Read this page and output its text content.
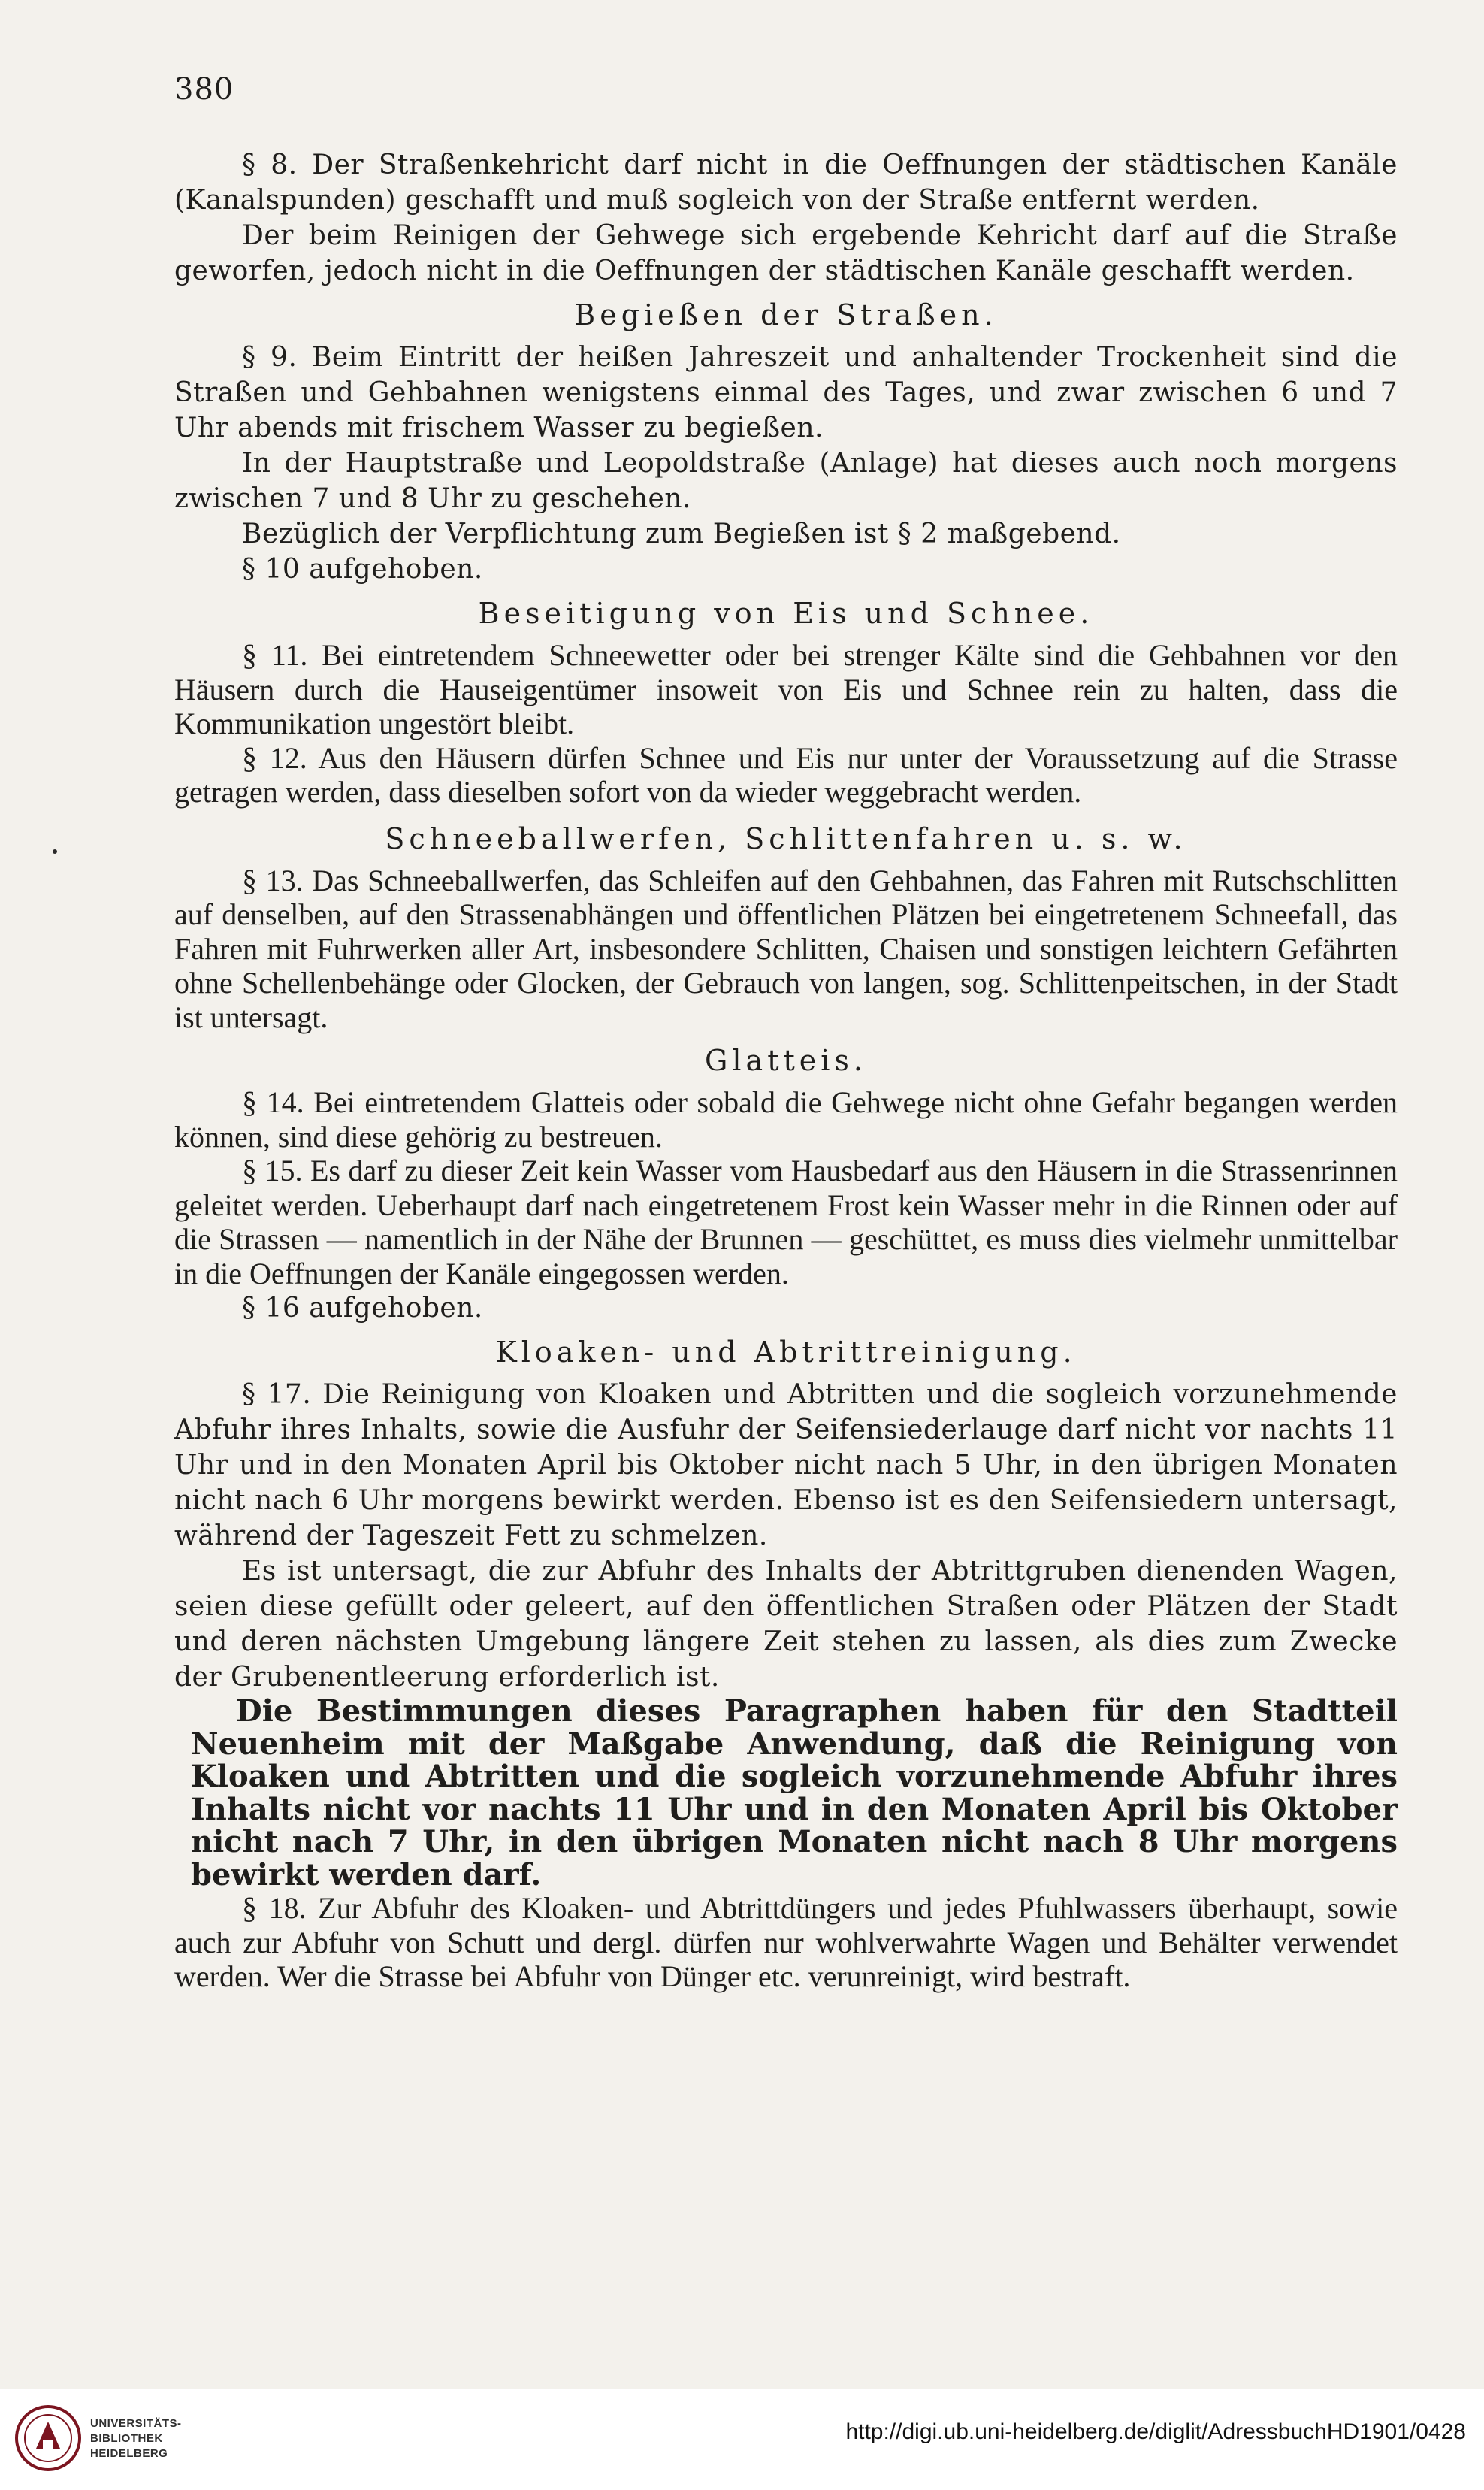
380

§ 8. Der Straßenkehricht darf nicht in die Oeffnungen der städtischen Kanäle (Kanalspunden) geschafft und muß sogleich von der Straße entfernt werden.

Der beim Reinigen der Gehwege sich ergebende Kehricht darf auf die Straße geworfen, jedoch nicht in die Oeffnungen der städtischen Kanäle geschafft werden.

Begießen der Straßen.

§ 9. Beim Eintritt der heißen Jahreszeit und anhaltender Trockenheit sind die Straßen und Gehbahnen wenigstens einmal des Tages, und zwar zwischen 6 und 7 Uhr abends mit frischem Wasser zu begießen.

In der Hauptstraße und Leopoldstraße (Anlage) hat dieses auch noch morgens zwischen 7 und 8 Uhr zu geschehen.

Bezüglich der Verpflichtung zum Begießen ist § 2 maßgebend.

§ 10 aufgehoben.

Beseitigung von Eis und Schnee.

§ 11. Bei eintretendem Schneewetter oder bei strenger Kälte sind die Gehbahnen vor den Häusern durch die Hauseigentümer insoweit von Eis und Schnee rein zu halten, dass die Kommunikation ungestört bleibt.

§ 12. Aus den Häusern dürfen Schnee und Eis nur unter der Voraussetzung auf die Strasse getragen werden, dass dieselben sofort von da wieder weggebracht werden.

Schneeballwerfen, Schlittenfahren u. s. w.

§ 13. Das Schneeballwerfen, das Schleifen auf den Gehbahnen, das Fahren mit Rutschschlitten auf denselben, auf den Strassenabhängen und öffentlichen Plätzen bei eingetretenem Schneefall, das Fahren mit Fuhrwerken aller Art, insbesondere Schlitten, Chaisen und sonstigen leichtern Gefährten ohne Schellenbehänge oder Glocken, der Gebrauch von langen, sog. Schlittenpeitschen, in der Stadt ist untersagt.

Glatteis.

§ 14. Bei eintretendem Glatteis oder sobald die Gehwege nicht ohne Gefahr begangen werden können, sind diese gehörig zu bestreuen.

§ 15. Es darf zu dieser Zeit kein Wasser vom Hausbedarf aus den Häusern in die Strassenrinnen geleitet werden. Ueberhaupt darf nach eingetretenem Frost kein Wasser mehr in die Rinnen oder auf die Strassen — namentlich in der Nähe der Brunnen — geschüttet, es muss dies vielmehr unmittelbar in die Oeffnungen der Kanäle eingegossen werden.

§ 16 aufgehoben.

Kloaken- und Abtrittreinigung.

§ 17. Die Reinigung von Kloaken und Abtritten und die sogleich vorzunehmende Abfuhr ihres Inhalts, sowie die Ausfuhr der Seifensiederlauge darf nicht vor nachts 11 Uhr und in den Monaten April bis Oktober nicht nach 5 Uhr, in den übrigen Monaten nicht nach 6 Uhr morgens bewirkt werden. Ebenso ist es den Seifensiedern untersagt, während der Tageszeit Fett zu schmelzen.

Es ist untersagt, die zur Abfuhr des Inhalts der Abtrittgruben dienenden Wagen, seien diese gefüllt oder geleert, auf den öffentlichen Straßen oder Plätzen der Stadt und deren nächsten Umgebung längere Zeit stehen zu lassen, als dies zum Zwecke der Grubenentleerung erforderlich ist.

Die Bestimmungen dieses Paragraphen haben für den Stadtteil Neuenheim mit der Maßgabe Anwendung, daß die Reinigung von Kloaken und Abtritten und die sogleich vorzunehmende Abfuhr ihres Inhalts nicht vor nachts 11 Uhr und in den Monaten April bis Oktober nicht nach 7 Uhr, in den übrigen Monaten nicht nach 8 Uhr morgens bewirkt werden darf.

§ 18. Zur Abfuhr des Kloaken- und Abtrittdüngers und jedes Pfuhlwassers überhaupt, sowie auch zur Abfuhr von Schutt und dergl. dürfen nur wohlverwahrte Wagen und Behälter verwendet werden. Wer die Strasse bei Abfuhr von Dünger etc. verunreinigt, wird bestraft.

UNIVERSITÄTS-
BIBLIOTHEK
HEIDELBERG
http://digi.ub.uni-heidelberg.de/diglit/AdressbuchHD1901/0428
